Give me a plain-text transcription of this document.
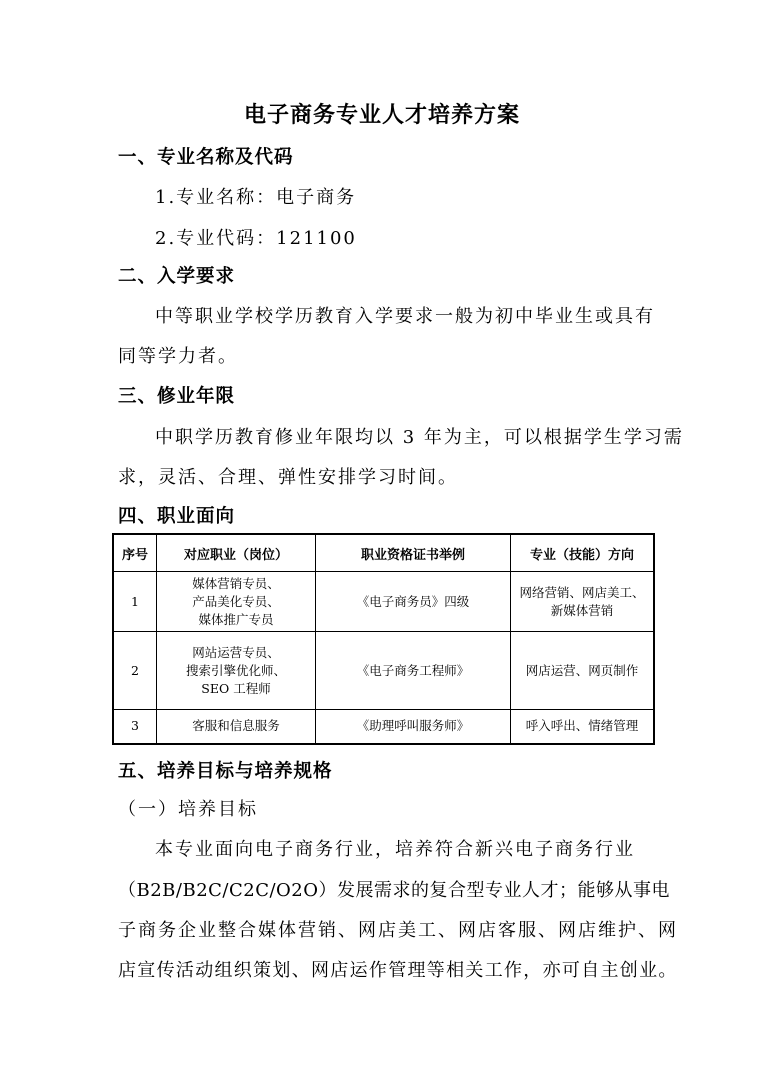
电子商务专业人才培养方案
一、专业名称及代码
1.专业名称：电子商务
2.专业代码：121100
二、入学要求
中等职业学校学历教育入学要求一般为初中毕业生或具有
同等学力者。
三、修业年限
中职学历教育修业年限均以 3 年为主，可以根据学生学习需
求，灵活、合理、弹性安排学习时间。
四、职业面向
序号	对应职业（岗位）	职业资格证书举例	专业（技能）方向
1	媒体营销专员、
产品美化专员、
媒体推广专员	《电子商务员》四级	网络营销、网店美工、
新媒体营销

2	网站运营专员、
搜索引擎优化师、
SEO 工程师	《电子商务工程师》	网店运营、网页制作

3	客服和信息服务	《助理呼叫服务师》	呼入呼出、情绪管理
五、培养目标与培养规格
（一）培养目标
本专业面向电子商务行业，培养符合新兴电子商务行业
（B2B/B2C/C2C/O2O）发展需求的复合型专业人才；能够从事电
子商务企业整合媒体营销、网店美工、网店客服、网店维护、网
店宣传活动组织策划、网店运作管理等相关工作，亦可自主创业。
